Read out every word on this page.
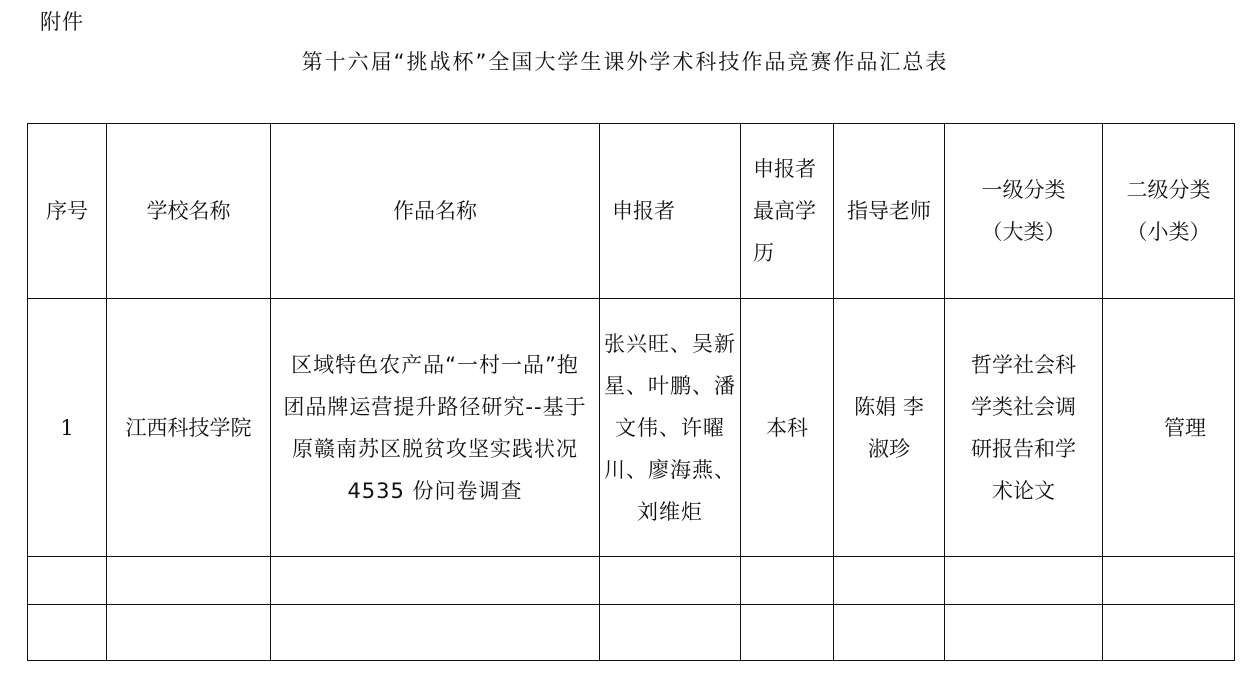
附件
第十六届“挑战杯”全国大学生课外学术科技作品竞赛作品汇总表
序号	学校名称	作品名称	申报者	申报者最高学历	指导老师	一级分类（大类）	二级分类（小类）
1	江西科技学院	区域特色农产品“一村一品”抱团品牌运营提升路径研究--基于原赣南苏区脱贫攻坚实践状况 4535 份问卷调查	张兴旺、吴新星、叶鹏、潘文伟、许曜川、廖海燕、刘维炬	本科	陈娟 李淑珍	哲学社会科学类社会调研报告和学术论文	管理
